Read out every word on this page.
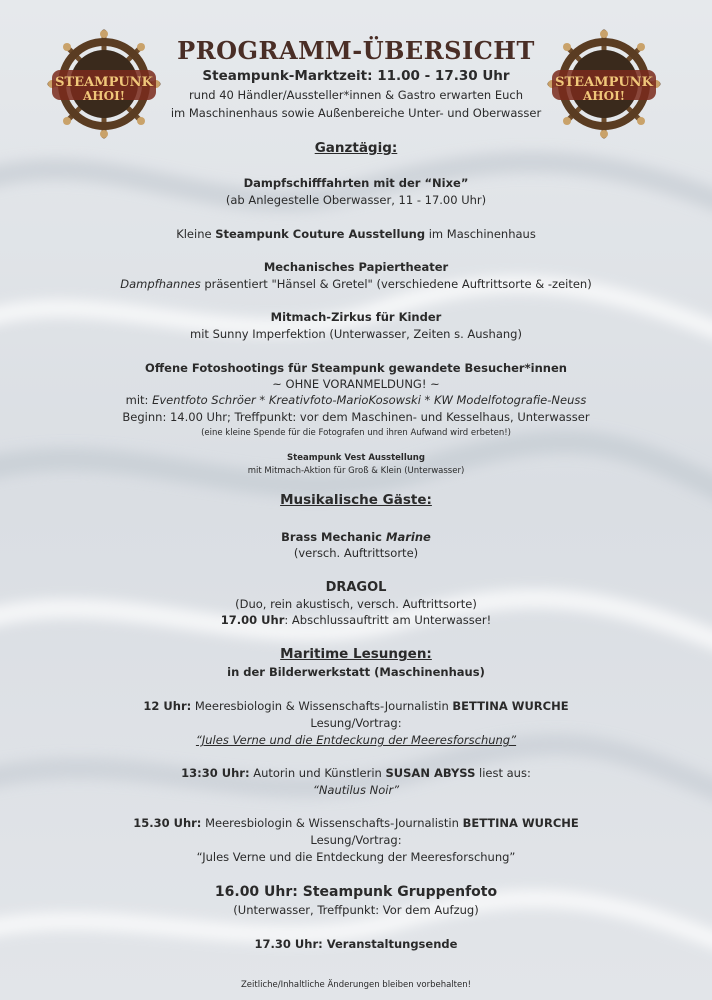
STEAMPUNK
AHOI!
STEAMPUNK
AHOI!
PROGRAMM-ÜBERSICHT
Steampunk-Marktzeit: 11.00 - 17.30 Uhr
rund 40 Händler/Aussteller*innen & Gastro erwarten Euch
im Maschinenhaus sowie Außenbereiche Unter- und Oberwasser
Ganztägig:
Dampfschifffahrten mit der “Nixe”
(ab Anlegestelle Oberwasser, 11 - 17.00 Uhr)
Kleine Steampunk Couture Ausstellung im Maschinenhaus
Mechanisches Papiertheater
Dampfhannes präsentiert "Hänsel & Gretel" (verschiedene Auftrittsorte & -zeiten)
Mitmach-Zirkus für Kinder
mit Sunny Imperfektion (Unterwasser, Zeiten s. Aushang)
Offene Fotoshootings für Steampunk gewandete Besucher*innen
~ OHNE VORANMELDUNG! ~
mit: Eventfoto Schröer * Kreativfoto-MarioKosowski * KW Modelfotografie-Neuss
Beginn: 14.00 Uhr; Treffpunkt: vor dem Maschinen- und Kesselhaus, Unterwasser
(eine kleine Spende für die Fotografen und ihren Aufwand wird erbeten!)
Steampunk Vest Ausstellung
mit Mitmach-Aktion für Groß & Klein (Unterwasser)
Musikalische Gäste:
Brass Mechanic Marine
(versch. Auftrittsorte)
DRAGOL
(Duo, rein akustisch, versch. Auftrittsorte)
17.00 Uhr: Abschlussauftritt am Unterwasser!
Maritime Lesungen:
in der Bilderwerkstatt (Maschinenhaus)
12 Uhr: Meeresbiologin & Wissenschafts-Journalistin BETTINA WURCHE
Lesung/Vortrag:
“Jules Verne und die Entdeckung der Meeresforschung”
13:30 Uhr: Autorin und Künstlerin SUSAN ABYSS liest aus:
“Nautilus Noir”
15.30 Uhr: Meeresbiologin & Wissenschafts-Journalistin BETTINA WURCHE
Lesung/Vortrag:
“Jules Verne und die Entdeckung der Meeresforschung”
16.00 Uhr: Steampunk Gruppenfoto
(Unterwasser, Treffpunkt: Vor dem Aufzug)
17.30 Uhr: Veranstaltungsende
Zeitliche/Inhaltliche Änderungen bleiben vorbehalten!
